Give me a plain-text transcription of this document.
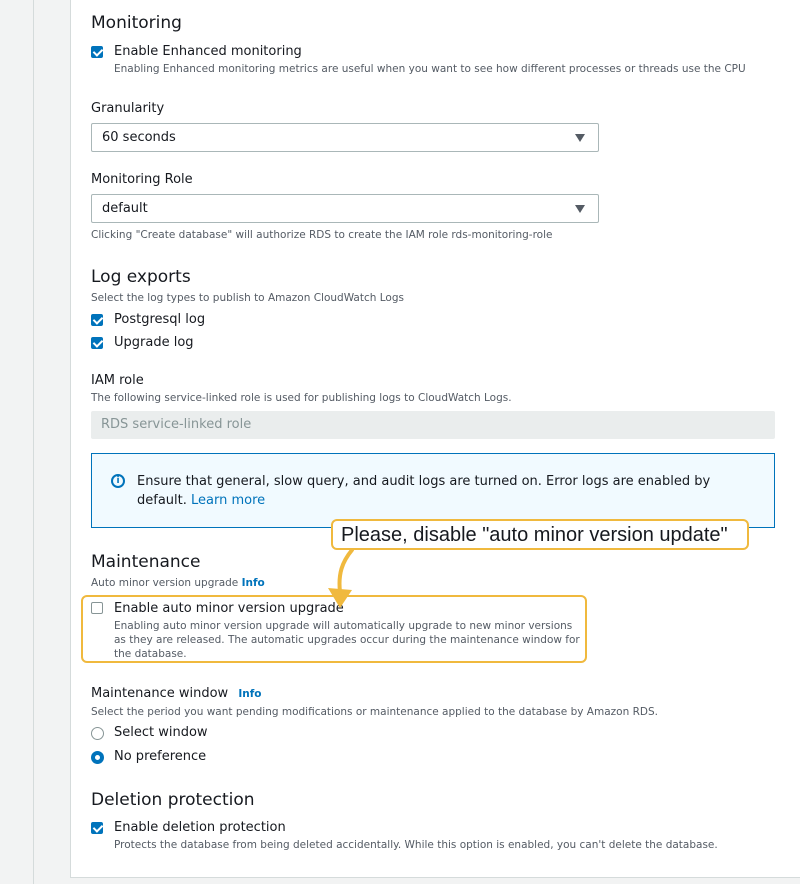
Monitoring
Enable Enhanced monitoring
Enabling Enhanced monitoring metrics are useful when you want to see how different processes or threads use the CPU
Granularity
60 seconds
Monitoring Role
default
Clicking "Create database" will authorize RDS to create the IAM role rds-monitoring-role
Log exports
Select the log types to publish to Amazon CloudWatch Logs
Postgresql log
Upgrade log
IAM role
The following service-linked role is used for publishing logs to CloudWatch Logs.
RDS service-linked role
i	Ensure that general, slow query, and audit logs are turned on. Error logs are enabled by default. Learn more
Maintenance
Auto minor version upgrade Info
Enable auto minor version upgrade
Enabling auto minor version upgrade will automatically upgrade to new minor versions as they are released. The automatic upgrades occur during the maintenance window for the database.
Maintenance window Info
Select the period you want pending modifications or maintenance applied to the database by Amazon RDS.
Select window
No preference
Deletion protection
Enable deletion protection
Protects the database from being deleted accidentally. While this option is enabled, you can't delete the database.
Please, disable "auto minor version update"
